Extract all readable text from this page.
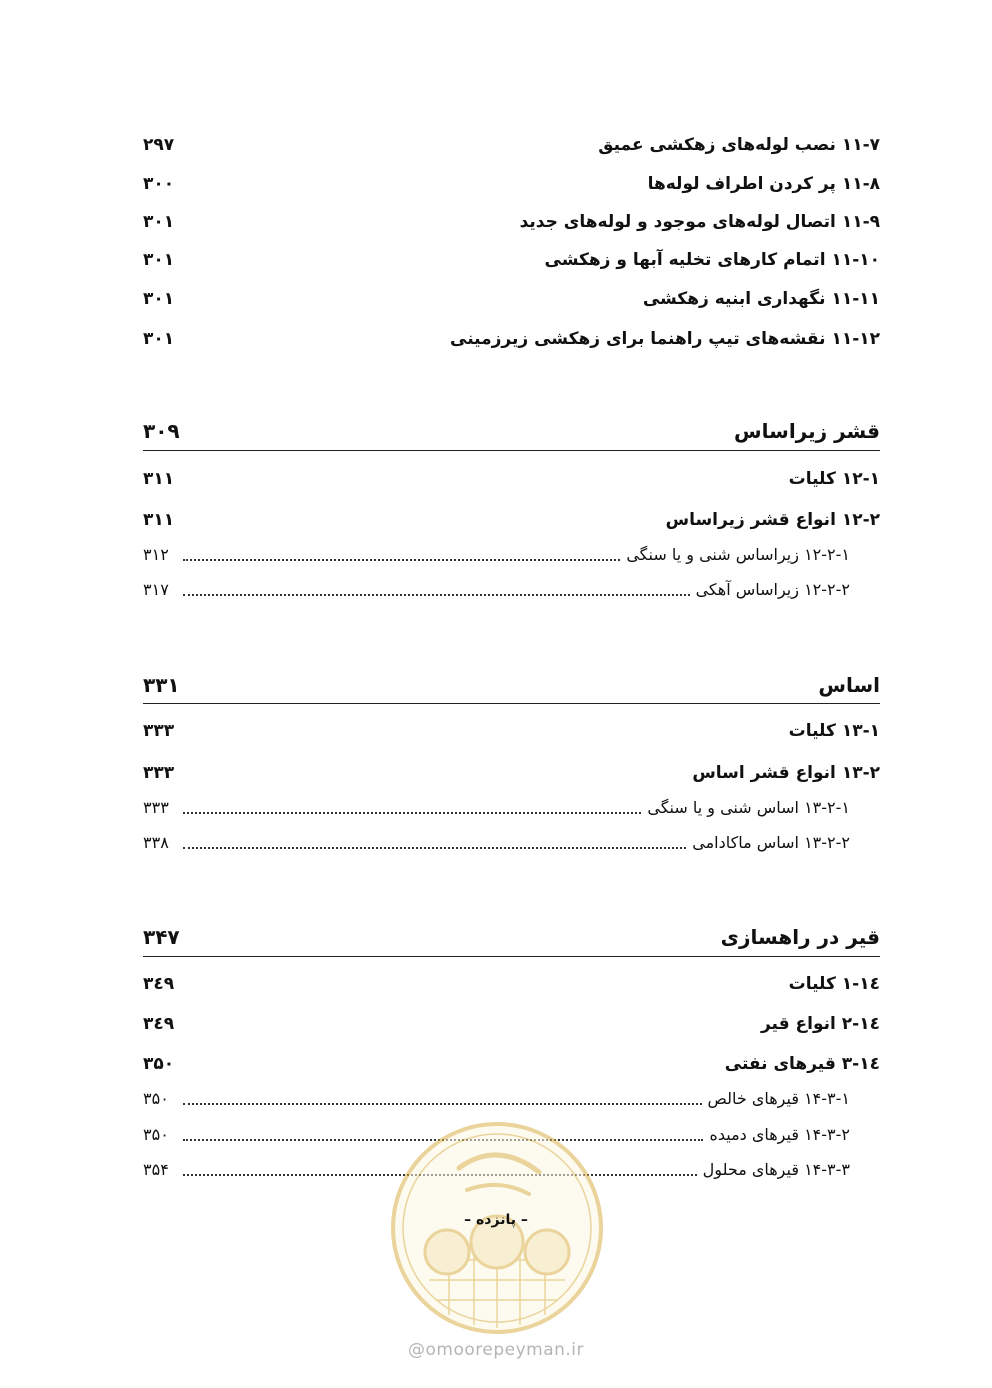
۱۱-۷ نصب لوله‌های زهکشی عمیق
۲۹۷
۱۱-۸ پر کردن اطراف لوله‌ها
۳۰۰
۱۱-۹ اتصال لوله‌های موجود و لوله‌های جدید
۳۰۱
۱۱-۱۰ اتمام کارهای تخلیه آبها و زهکشی
۳۰۱
۱۱-۱۱ نگهداری ابنیه زهکشی
۳۰۱
۱۱-۱۲ نقشه‌های تیپ راهنما برای زهکشی زیرزمینی
۳۰۱
قشر زیراساس
۳۰۹
۱۲-۱ کلیات
۳۱۱
۱۲-۲ انواع قشر زیراساس
۳۱۱
۱۲-۲-۱ زیراساس شنی و یا سنگی
۳۱۲
۱۲-۲-۲ زیراساس آهکی
۳۱۷
اساس
۳۳۱
۱۳-۱ کلیات
۳۳۳
۱۳-۲ انواع قشر اساس
۳۳۳
۱۳-۲-۱ اساس شنی و یا سنگی
۳۳۳
۱۳-۲-۲ اساس ماکادامی
۳۳۸
قیر در راهسازی
۳۴۷
۱٤-۱ کلیات
۳٤۹
۱٤-۲ انواع قیر
۳٤۹
۱٤-۳ قیرهای نفتی
۳۵۰
۱۴-۳-۱ قیرهای خالص
۳۵۰
۱۴-۳-۲ قیرهای دمیده
۳۵۰
۱۴-۳-۳ قیرهای محلول
۳۵۴
– پانزده –
@omoorepeyman.ir
